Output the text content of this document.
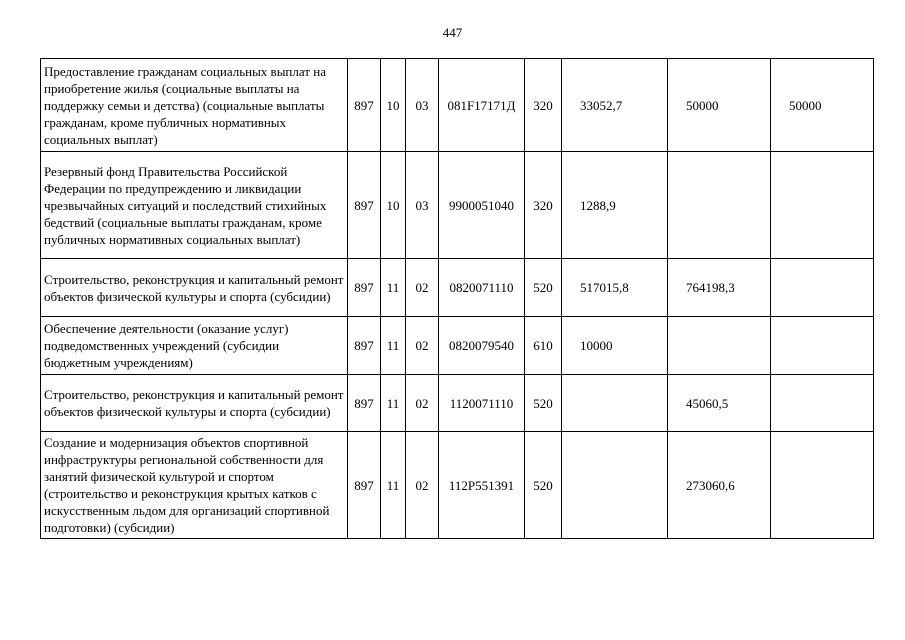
447
Предоставление гражданам социальных выплат на приобретение жилья (социальные выплаты на поддержку семьи и детства) (социальные выплаты гражданам, кроме публичных нормативных социальных выплат)	897	10	03	081F17171Д	320	33052,7	50000	50000
Резервный фонд Правительства Российской Федерации по предупреждению и ликвидации чрезвычайных ситуаций и последствий стихийных бедствий (социальные выплаты гражданам, кроме публичных нормативных социальных выплат)	897	10	03	9900051040	320	1288,9		
Строительство, реконструкция и капитальный ремонт объектов физической культуры и спорта (субсидии)	897	11	02	0820071110	520	517015,8	764198,3	
Обеспечение деятельности (оказание услуг) подведомственных учреждений (субсидии бюджетным учреждениям)	897	11	02	0820079540	610	10000		
Строительство, реконструкция и капитальный ремонт объектов физической культуры и спорта (субсидии)	897	11	02	1120071110	520		45060,5	
Создание и модернизация объектов спортивной инфраструктуры региональной собственности для занятий физической культурой и спортом (строительство и реконструкция крытых катков с искусственным льдом для организаций спортивной подготовки) (субсидии)	897	11	02	112P551391	520		273060,6	
